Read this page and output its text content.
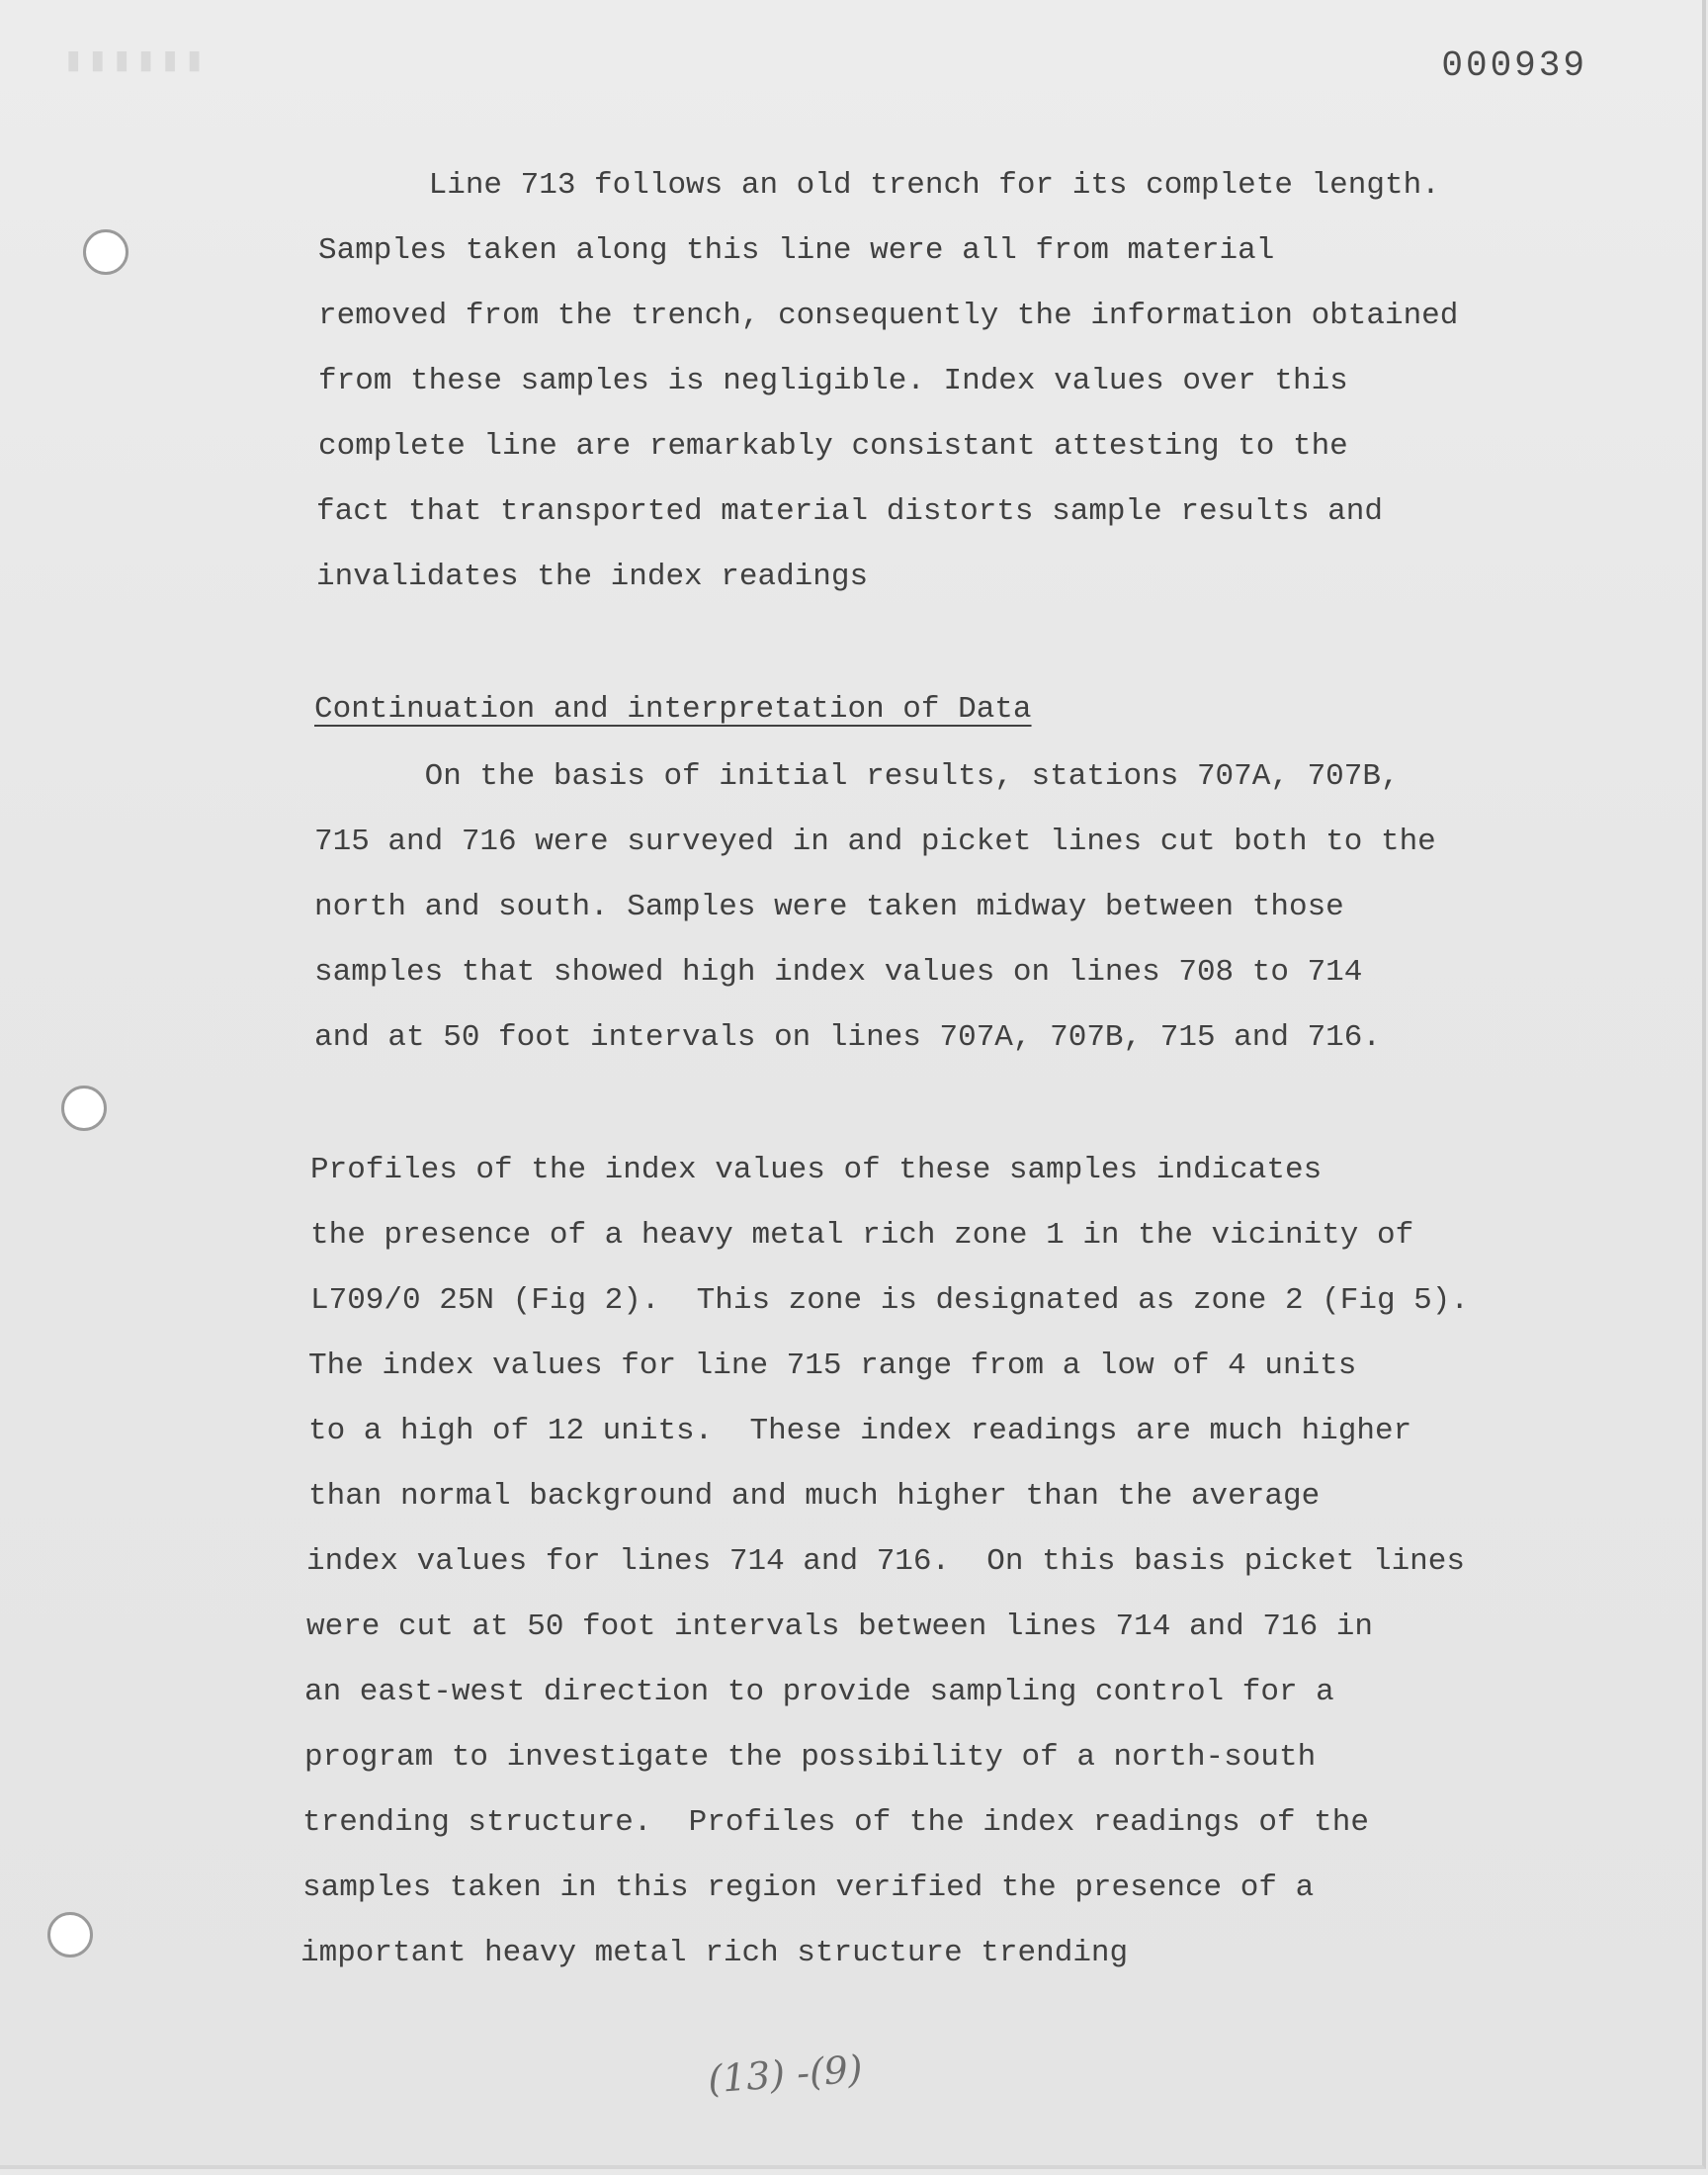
▮▮▮▮▮▮	000939
Line 713 follows an old trench for its complete length.
Samples taken along this line were all from material
removed from the trench, consequently the information obtained
from these samples is negligible. Index values over this
complete line are remarkably consistant attesting to the
fact that transported material distorts sample results and
invalidates the index readings
Continuation and interpretation of Data
On the basis of initial results, stations 707A, 707B,
715 and 716 were surveyed in and picket lines cut both to the
north and south. Samples were taken midway between those
samples that showed high index values on lines 708 to 714
and at 50 foot intervals on lines 707A, 707B, 715 and 716.
Profiles of the index values of these samples indicates
the presence of a heavy metal rich zone 1 in the vicinity of
L709/0 25N (Fig 2).  This zone is designated as zone 2 (Fig 5).
The index values for line 715 range from a low of 4 units
to a high of 12 units.  These index readings are much higher
than normal background and much higher than the average
index values for lines 714 and 716.  On this basis picket lines
were cut at 50 foot intervals between lines 714 and 716 in
an east-west direction to provide sampling control for a
program to investigate the possibility of a north-south
trending structure.  Profiles of the index readings of the
samples taken in this region verified the presence of a
important heavy metal rich structure trending
(13) -(9)
